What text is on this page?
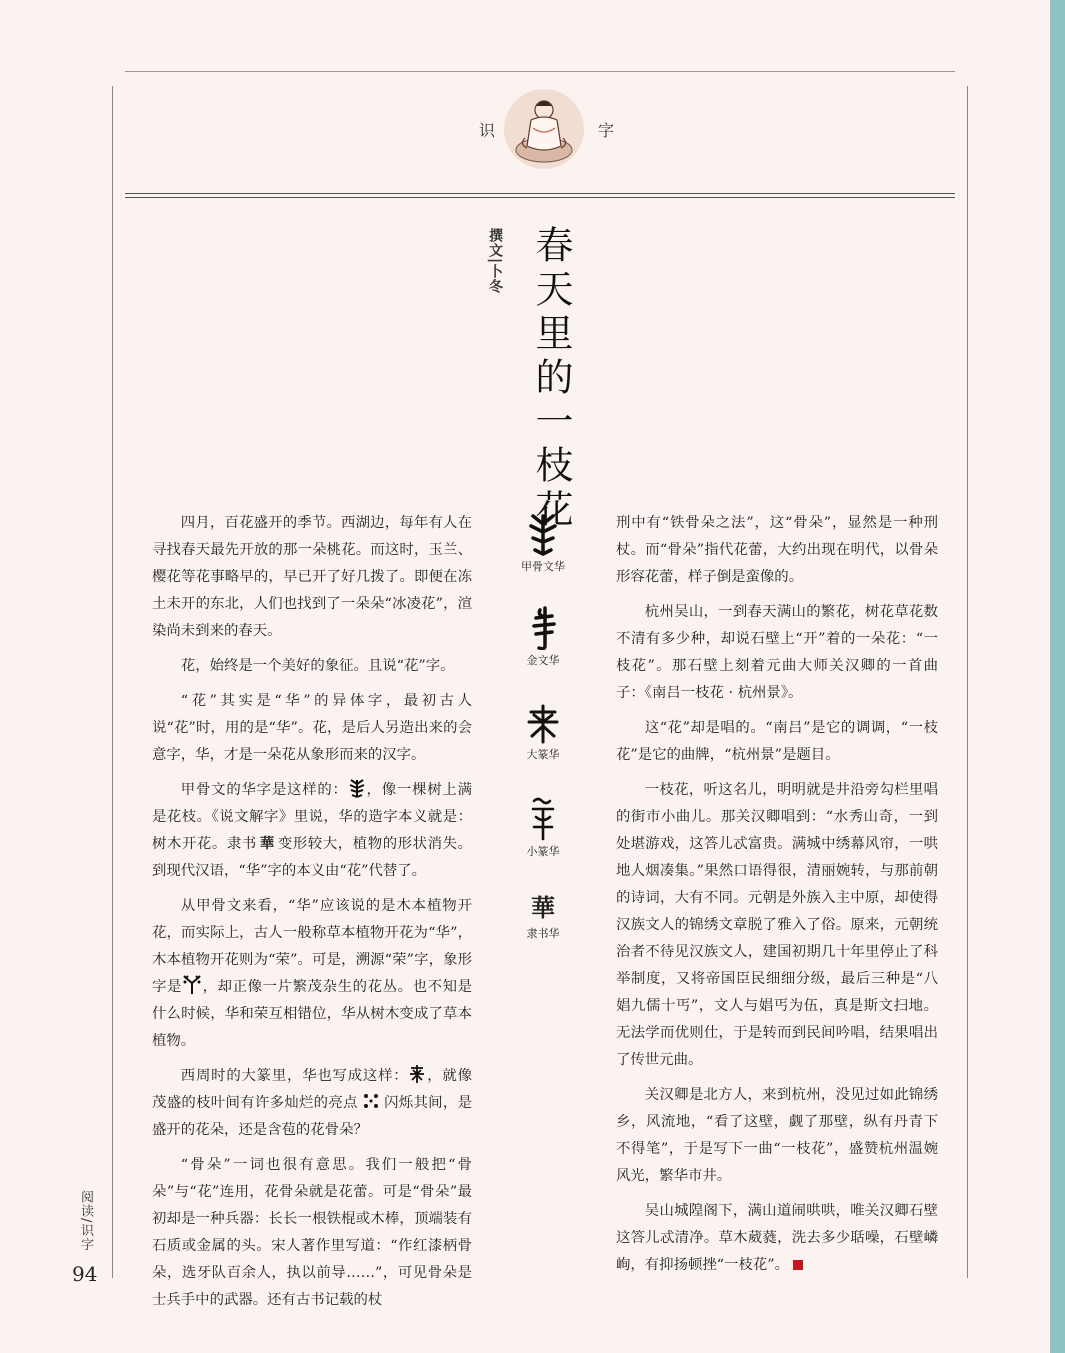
识	字
撰文|卜冬 春天里的一枝花

四月，百花盛开的季节。西湖边，每年有人在寻找春天最先开放的那一朵桃花。而这时，玉兰、樱花等花事略早的，早已开了好几拨了。即便在冻土未开的东北，人们也找到了一朵朵“冰凌花”，渲染尚未到来的春天。

花，始终是一个美好的象征。且说“花”字。

“花”其实是“华”的异体字，最初古人说“花”时，用的是“华”。花，是后人另造出来的会意字，华，才是一朵花从象形而来的汉字。

甲骨文的华字是这样的： ，像一棵树上满是花枝。《说文解字》里说，华的造字本义就是：树木开花。隶书 華 变形较大，植物的形状消失。到现代汉语，“华”字的本义由“花”代替了。

从甲骨文来看，“华”应该说的是木本植物开花，而实际上，古人一般称草本植物开花为“华”，木本植物开花则为“荣”。可是，溯源“荣”字，象形字是 ，却正像一片繁茂杂生的花丛。也不知是什么时候，华和荣互相错位，华从树木变成了草本植物。

西周时的大篆里，华也写成这样： ，就像茂盛的枝叶间有许多灿烂的亮点 闪烁其间，是盛开的花朵，还是含苞的花骨朵？

“骨朵”一词也很有意思。我们一般把“骨朵”与“花”连用，花骨朵就是花蕾。可是“骨朵”最初却是一种兵器：长长一根铁棍或木棒，顶端装有石质或金属的头。宋人著作里写道：“作红漆柄骨朵，选牙队百余人，执以前导……”，可见骨朵是士兵手中的武器。还有古书记载的杖

甲骨文华
金文华
大篆华
小篆华
華
隶书华

刑中有“铁骨朵之法”，这“骨朵”，显然是一种刑杖。而“骨朵”指代花蕾，大约出现在明代，以骨朵形容花蕾，样子倒是蛮像的。

杭州吴山，一到春天满山的繁花，树花草花数不清有多少种，却说石壁上“开”着的一朵花：“一枝花”。那石壁上刻着元曲大师关汉卿的一首曲子：《南吕一枝花 · 杭州景》。

这“花”却是唱的。“南吕”是它的调调，“一枝花”是它的曲牌，“杭州景”是题目。

一枝花，听这名儿，明明就是井沿旁勾栏里唱的街市小曲儿。那关汉卿唱到：“水秀山奇，一到处堪游戏，这答儿忒富贵。满城中绣幕风帘，一哄地人烟凑集。”果然口语得很，清丽婉转，与那前朝的诗词，大有不同。元朝是外族入主中原，却使得汉族文人的锦绣文章脱了雅入了俗。原来，元朝统治者不待见汉族文人，建国初期几十年里停止了科举制度，又将帝国臣民细细分级，最后三种是“八娼九儒十丐”，文人与娼丐为伍，真是斯文扫地。无法学而优则仕，于是转而到民间吟唱，结果唱出了传世元曲。

关汉卿是北方人，来到杭州，没见过如此锦绣乡，风流地，“看了这壁，觑了那壁，纵有丹青下不得笔”，于是写下一曲“一枝花”，盛赞杭州温婉风光，繁华市井。

吴山城隍阁下，满山道闹哄哄，唯关汉卿石壁这答儿忒清净。草木葳蕤，洗去多少聒噪，石壁嶙峋，有抑扬顿挫“一枝花”。

阅读/识字
94
